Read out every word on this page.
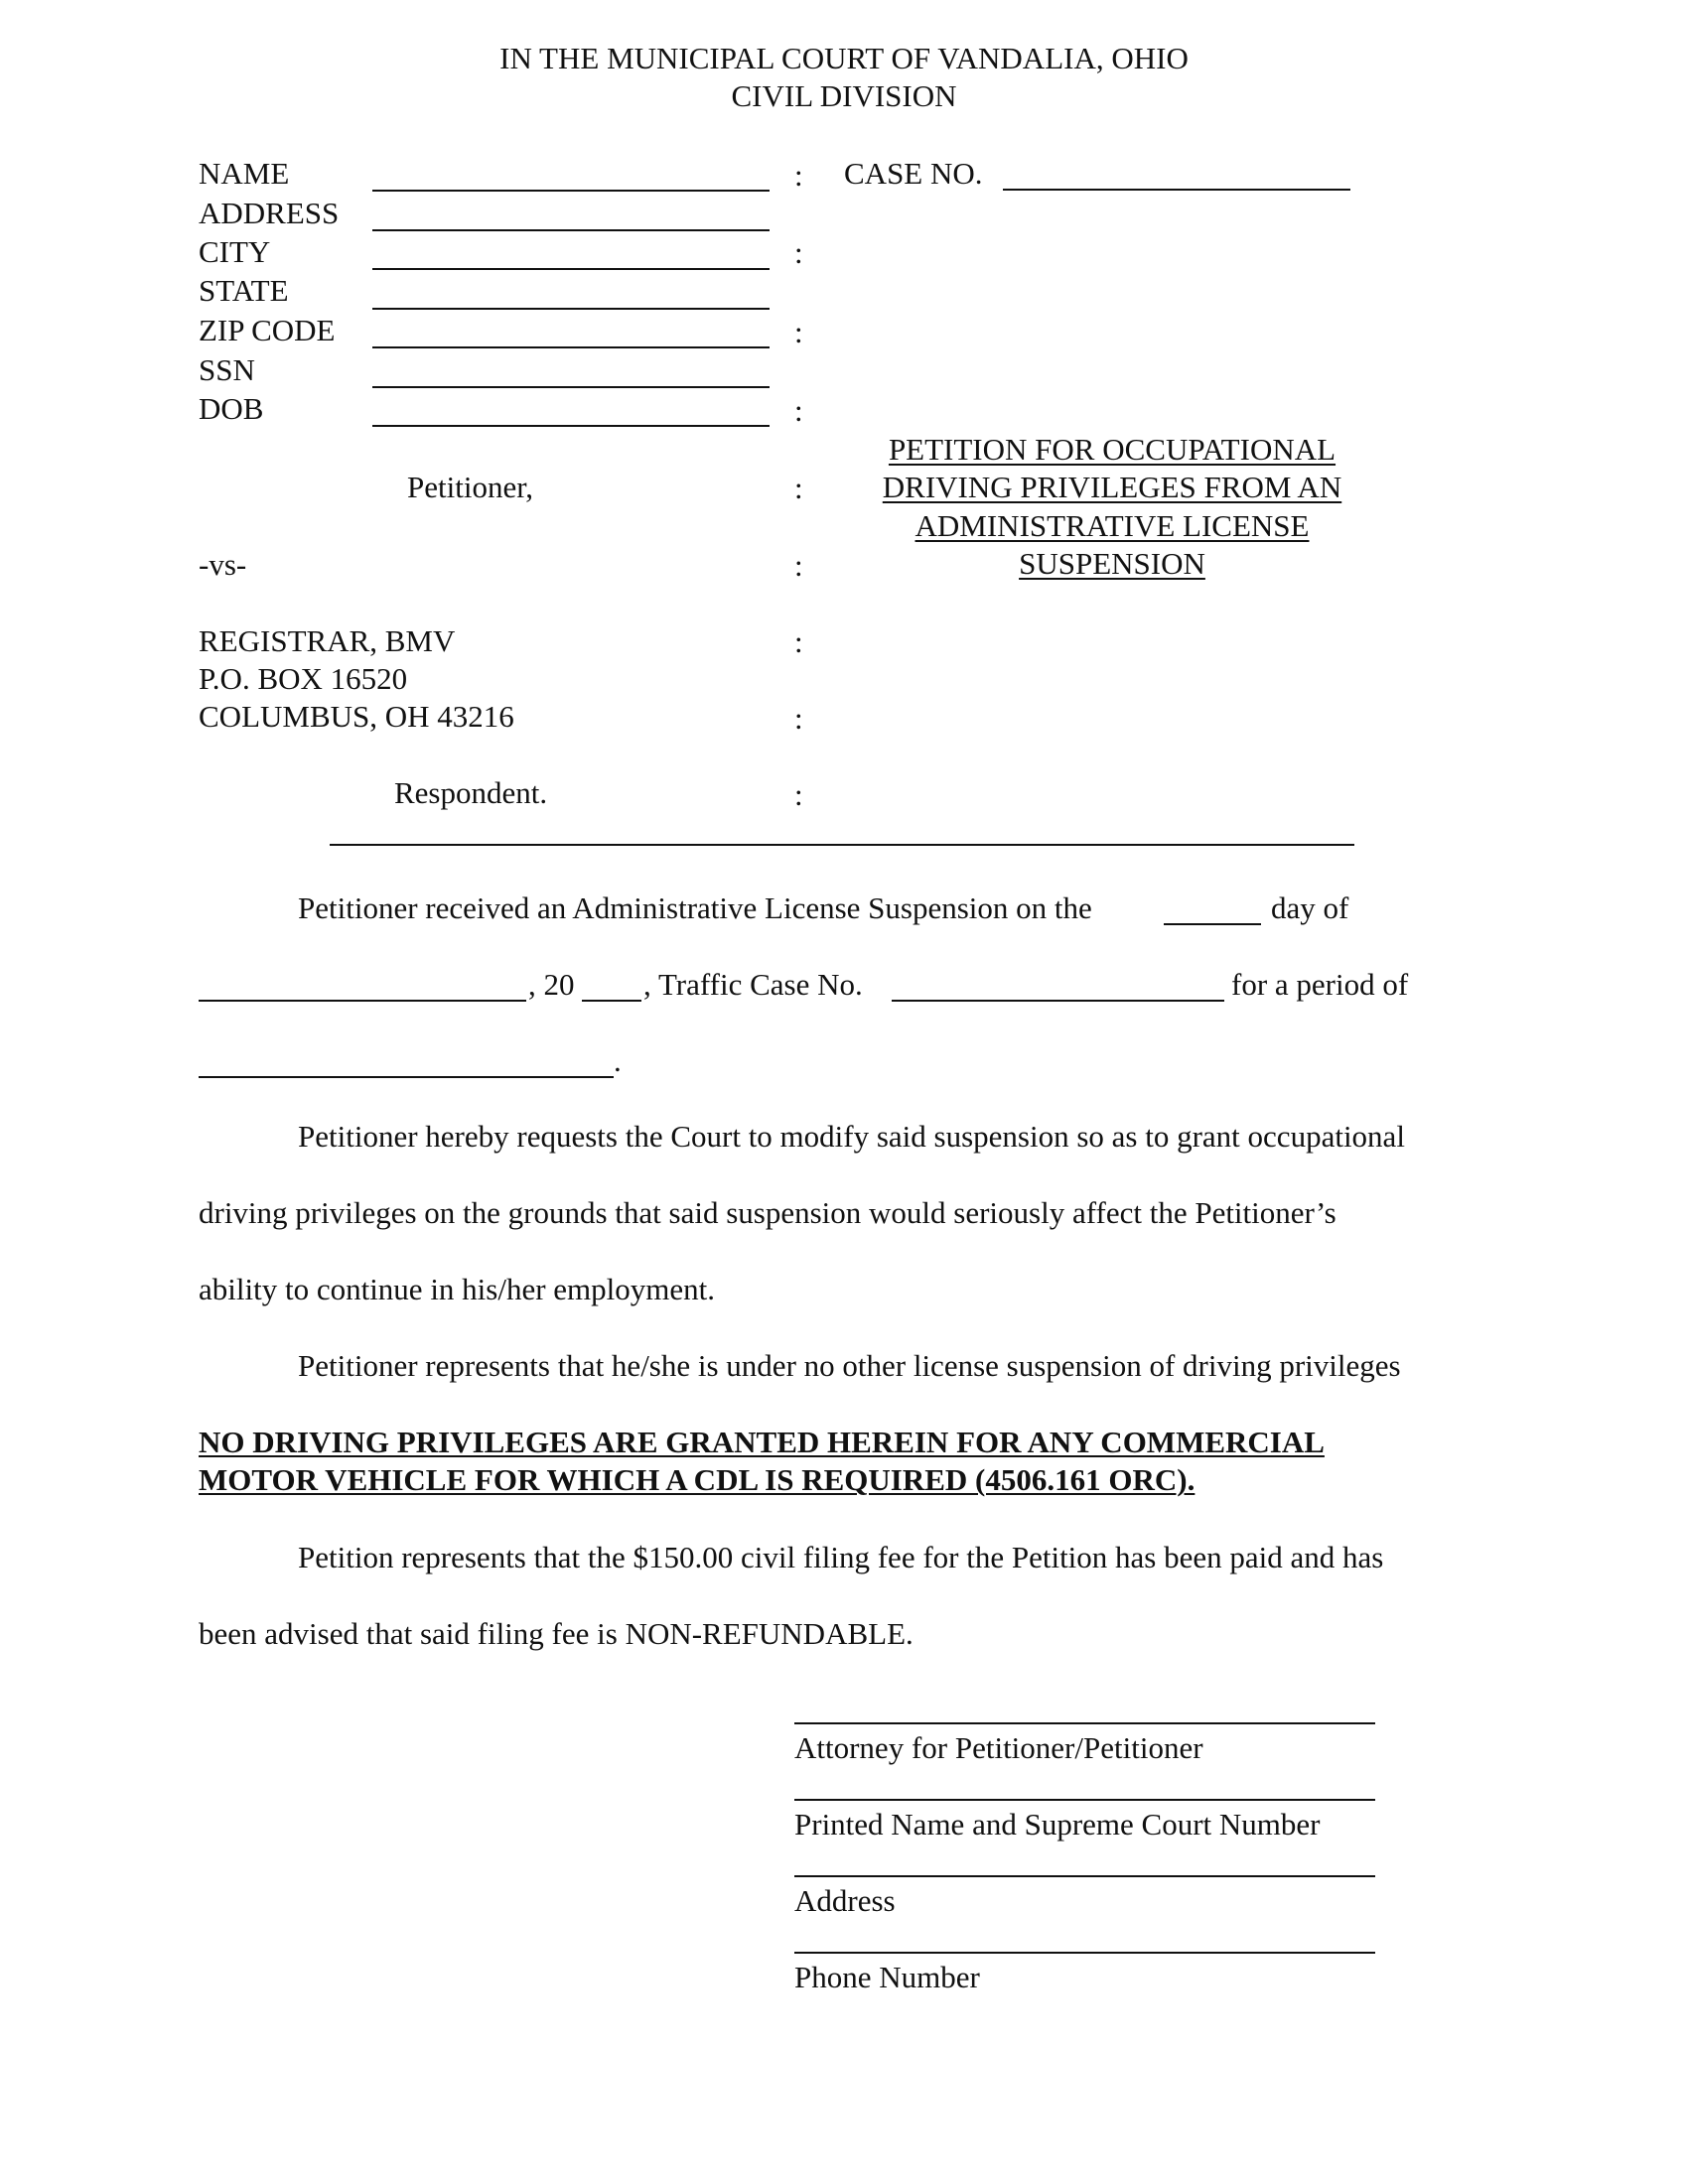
IN THE MUNICIPAL COURT OF VANDALIA, OHIO
CIVIL DIVISION
NAME
ADDRESS
CITY
STATE
ZIP CODE
SSN
DOB
:
:
:
:
:
:
:
:
:
CASE NO.
Petitioner,
-vs-
PETITION FOR OCCUPATIONAL
DRIVING PRIVILEGES FROM AN
ADMINISTRATIVE LICENSE
SUSPENSION
REGISTRAR, BMV
P.O. BOX 16520
COLUMBUS, OH 43216
Respondent.
Petitioner received an Administrative License Suspension on the	day of
, 20 , Traffic Case No.	for a period of
.
Petitioner hereby requests the Court to modify said suspension so as to grant occupational
driving privileges on the grounds that said suspension would seriously affect the Petitioner’s
ability to continue in his/her employment.
Petitioner represents that he/she is under no other license suspension of driving privileges
NO DRIVING PRIVILEGES ARE GRANTED HEREIN FOR ANY COMMERCIAL
MOTOR VEHICLE FOR WHICH A CDL IS REQUIRED (4506.161 ORC).
Petition represents that the $150.00 civil filing fee for the Petition has been paid and has
been advised that said filing fee is NON-REFUNDABLE.
Attorney for Petitioner/Petitioner
Printed Name and Supreme Court Number
Address
Phone Number
